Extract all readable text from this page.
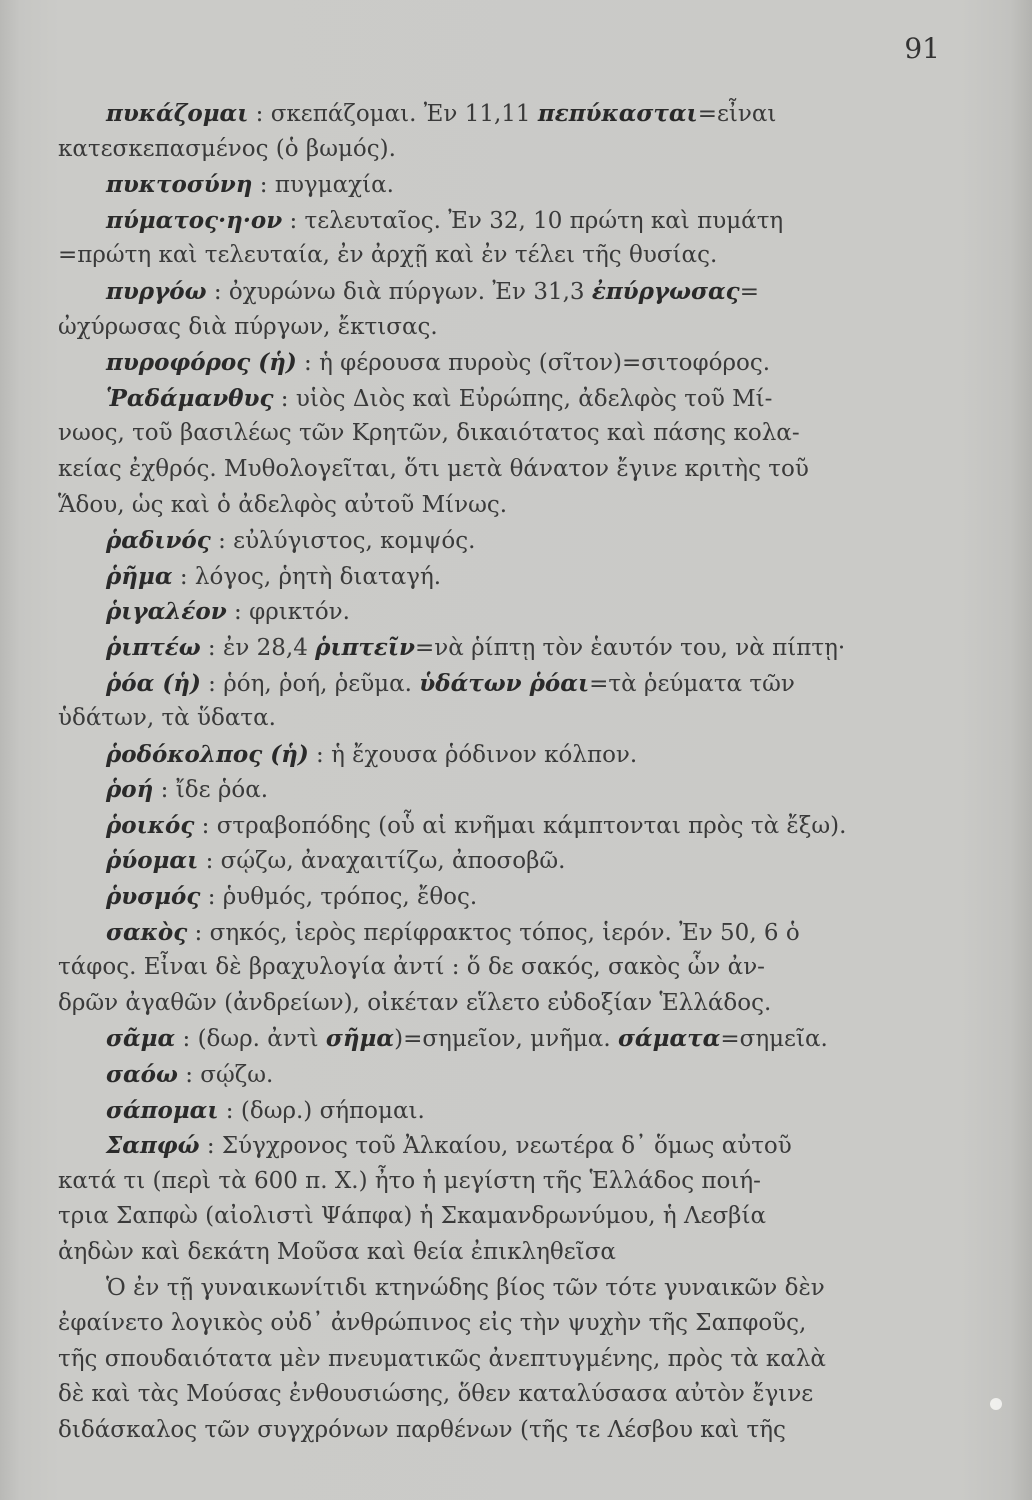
91
πυκάζομαι : σκεπάζομαι. Ἐν 11,11 πεπύκασται=εἶναι
κατεσκεπασμένος (ὁ βωμός).
πυκτοσύνη : πυγμαχία.
πύματος·η·ον : τελευταῖος. Ἐν 32, 10 πρώτη καὶ πυμάτη
=πρώτη καὶ τελευταία, ἐν ἀρχῇ καὶ ἐν τέλει τῆς θυσίας.
πυργόω : ὀχυρώνω διὰ πύργων. Ἐν 31,3 ἐπύργωσας=
ὠχύρωσας διὰ πύργων, ἔκτισας.
πυροφόρος (ἡ) : ἡ φέρουσα πυροὺς (σῖτον)=σιτοφόρος.
Ῥαδάμανθυς : υἱὸς Διὸς καὶ Εὐρώπης, ἀδελφὸς τοῦ Μί-
νωος, τοῦ βασιλέως τῶν Κρητῶν, δικαιότατος καὶ πάσης κολα-
κείας ἐχθρός. Μυθολογεῖται, ὅτι μετὰ θάνατον ἔγινε κριτὴς τοῦ
Ἅδου, ὡς καὶ ὁ ἀδελφὸς αὐτοῦ Μίνως.
ῥαδινός : εὐλύγιστος, κομψός.
ῥῆμα : λόγος, ῥητὴ διαταγή.
ῥιγαλέον : φρικτόν.
ῥιπτέω : ἐν 28,4 ῥιπτεῖν=νὰ ῥίπτῃ τὸν ἑαυτόν του, νὰ πίπτῃ·
ῥόα (ἡ) : ῥόη, ῥοή, ῥεῦμα. ὑδάτων ῥόαι=τὰ ῥεύματα τῶν
ὑδάτων, τὰ ὕδατα.
ῥοδόκολπος (ἡ) : ἡ ἔχουσα ῥόδινον κόλπον.
ῥοή : ἴδε ῥόα.
ῥοικός : στραβοπόδης (οὗ αἱ κνῆμαι κάμπτονται πρὸς τὰ ἔξω).
ῥύομαι : σῴζω, ἀναχαιτίζω, ἀποσοβῶ.
ῥυσμός : ῥυθμός, τρόπος, ἔθος.
σακὸς : σηκός, ἱερὸς περίφρακτος τόπος, ἱερόν. Ἐν 50, 6 ὁ
τάφος. Εἶναι δὲ βραχυλογία ἀντί : ὅ δε σακός, σακὸς ὧν ἀν-
δρῶν ἀγαθῶν (ἀνδρείων), οἰκέταν εἵλετο εὐδοξίαν Ἑλλάδος.
σᾶμα : (δωρ. ἀντὶ σῆμα)=σημεῖον, μνῆμα. σάματα=σημεῖα.
σαόω : σῴζω.
σάπομαι : (δωρ.) σήπομαι.
Σαπφώ : Σύγχρονος τοῦ Ἀλκαίου, νεωτέρα δ᾽ ὅμως αὐτοῦ
κατά τι (περὶ τὰ 600 π. Χ.) ἦτο ἡ μεγίστη τῆς Ἑλλάδος ποιή-
τρια Σαπφὼ (αἰολιστὶ Ψάπφα) ἡ Σκαμανδρωνύμου, ἡ Λεσβία
ἀηδὼν καὶ δεκάτη Μοῦσα καὶ θεία ἐπικληθεῖσα
Ὁ ἐν τῇ γυναικωνίτιδι κτηνώδης βίος τῶν τότε γυναικῶν δὲν
ἐφαίνετο λογικὸς οὐδ᾽ ἀνθρώπινος εἰς τὴν ψυχὴν τῆς Σαπφοῦς,
τῆς σπουδαιότατα μὲν πνευματικῶς ἀνεπτυγμένης, πρὸς τὰ καλὰ
δὲ καὶ τὰς Μούσας ἐνθουσιώσης, ὅθεν καταλύσασα αὐτὸν ἔγινε
διδάσκαλος τῶν συγχρόνων παρθένων (τῆς τε Λέσβου καὶ τῆς
